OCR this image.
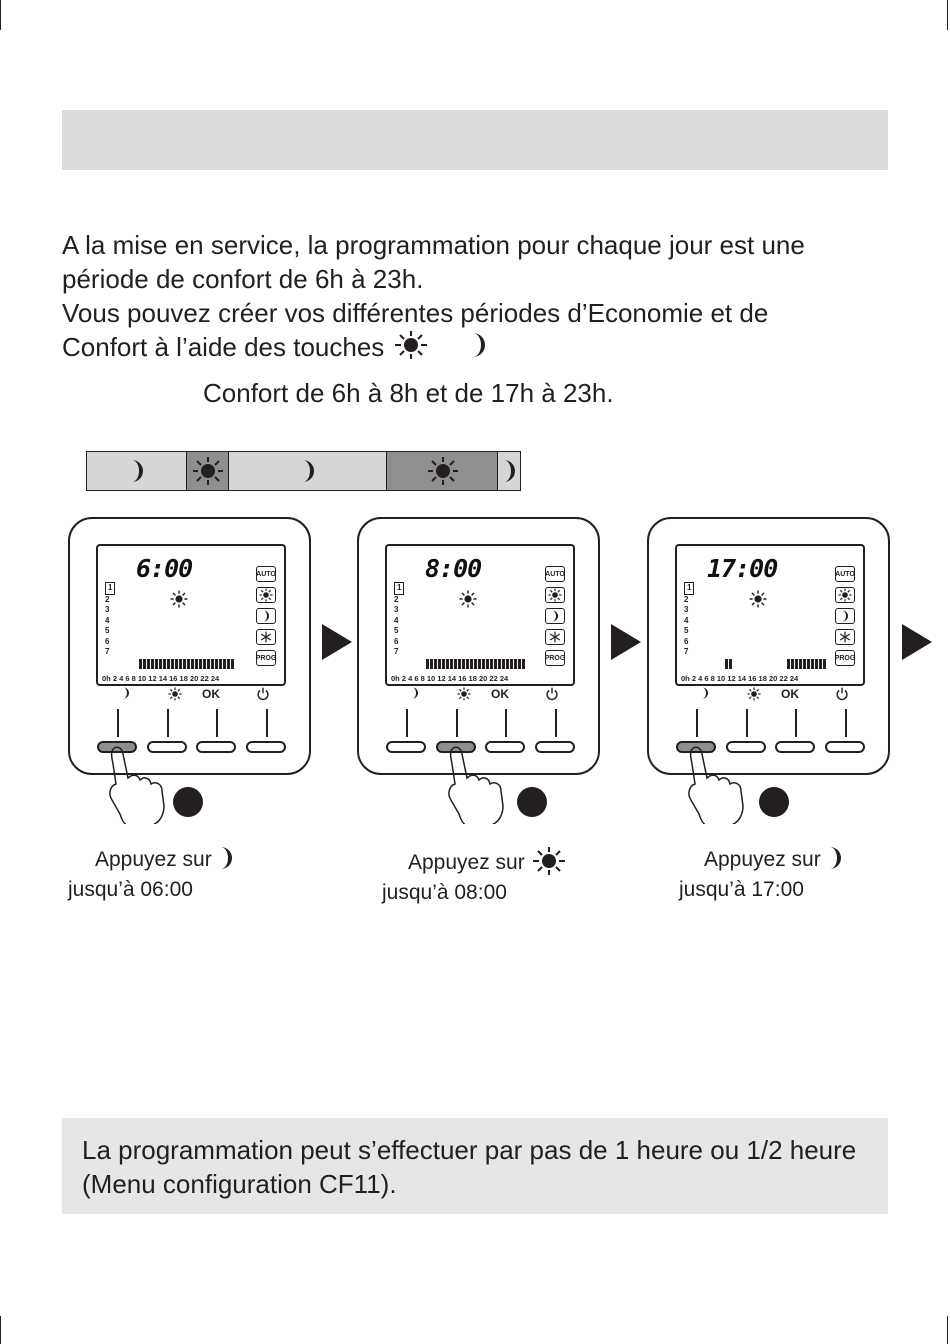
A la mise en service, la programmation pour chaque jour est une

période de confort de 6h à 23h.

Vous pouvez créer vos différentes périodes d’Economie et de

Confort à l’aide des touches

Confort de 6h à 8h et de 17h à 23h.
6:00
1
2
3
4
5
6
7
AUTO
PROG
0h 2 4 6 8 10 12 14 16 18 20 22 24
OK
8:00
1
2
3
4
5
6
7
AUTO
PROG
0h 2 4 6 8 10 12 14 16 18 20 22 24
OK
17:00
1
2
3
4
5
6
7
AUTO
PROG
0h 2 4 6 8 10 12 14 16 18 20 22 24
OK
Appuyez sur
jusqu’à 06:00
Appuyez sur
jusqu’à 08:00
Appuyez sur
jusqu’à 17:00

La programmation peut s’effectuer par pas de 1 heure ou 1/2 heure (Menu configuration CF11).
